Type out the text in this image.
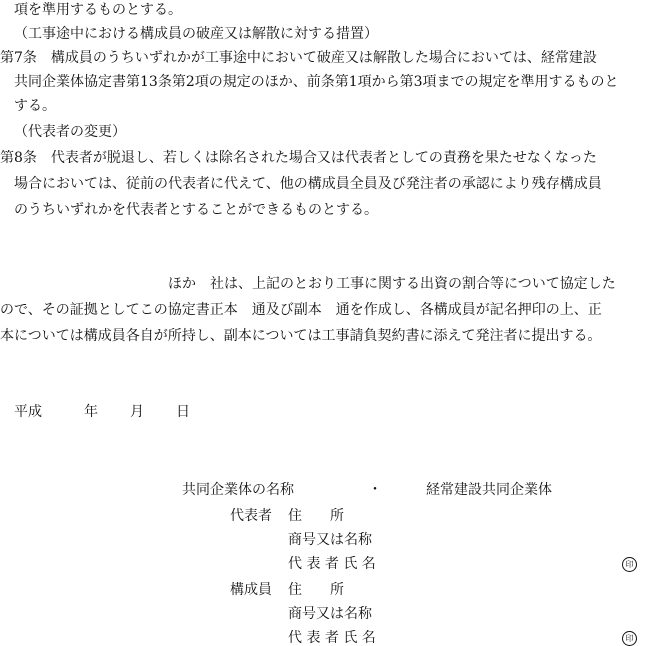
項を準用するものとする。
（工事途中における構成員の破産又は解散に対する措置）
第7条　構成員のうちいずれかが工事途中において破産又は解散した場合においては、経常建設
共同企業体協定書第13条第2項の規定のほか、前条第1項から第3項までの規定を準用するものと
する。
（代表者の変更）
第8条　代表者が脱退し、若しくは除名された場合又は代表者としての責務を果たせなくなった
場合においては、従前の代表者に代えて、他の構成員全員及び発注者の承認により残存構成員
のうちいずれかを代表者とすることができるものとする。
ほか　社は、上記のとおり工事に関する出資の割合等について協定した
ので、その証拠としてこの協定書正本　通及び副本　通を作成し、各構成員が記名押印の上、正
本については構成員各自が所持し、副本については工事請負契約書に添えて発注者に提出する。
平成	年 月 日
共同企業体の名称	・	経常建設共同企業体
代表者 住　　所
商号又は名称
代 表 者 氏 名	印
構成員 住　　所
商号又は名称
代 表 者 氏 名	印
